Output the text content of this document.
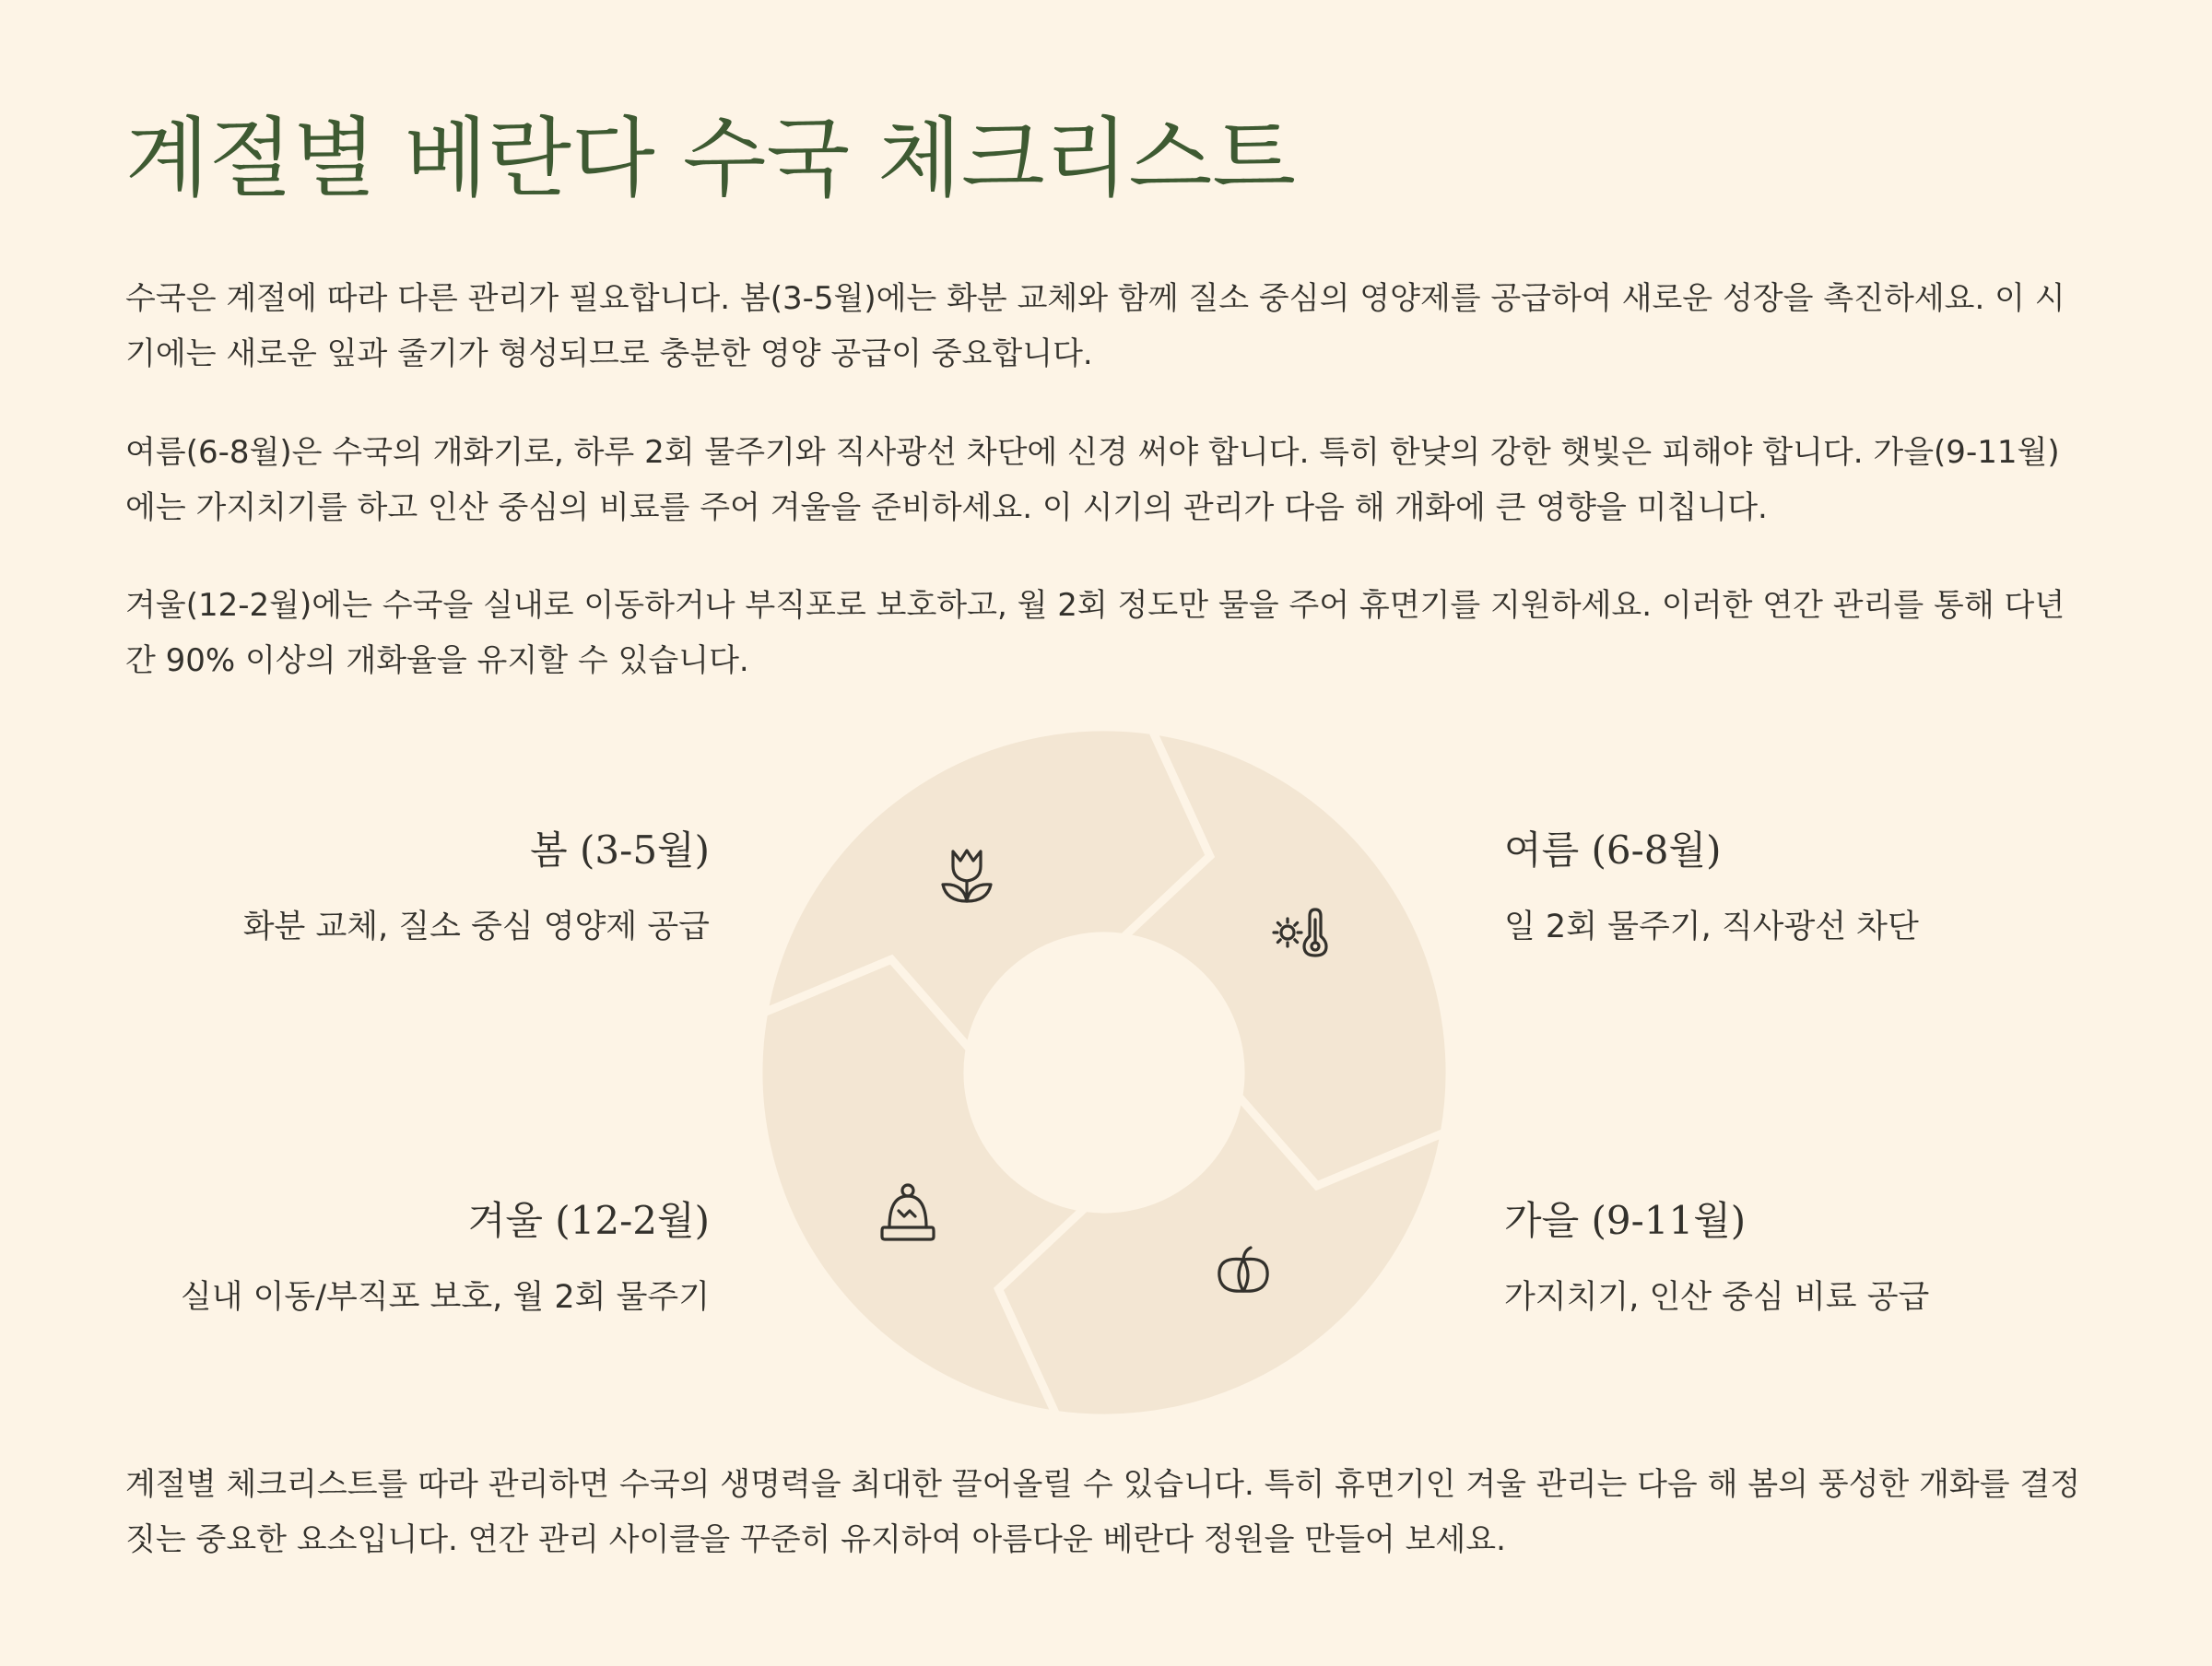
계절별 베란다 수국 체크리스트

수국은 계절에 따라 다른 관리가 필요합니다. 봄(3-5월)에는 화분 교체와 함께 질소 중심의 영양제를 공급하여 새로운 성장을 촉진하세요. 이 시기에는 새로운 잎과 줄기가 형성되므로 충분한 영양 공급이 중요합니다.

여름(6-8월)은 수국의 개화기로, 하루 2회 물주기와 직사광선 차단에 신경 써야 합니다. 특히 한낮의 강한 햇빛은 피해야 합니다. 가을(9-11월)에는 가지치기를 하고 인산 중심의 비료를 주어 겨울을 준비하세요. 이 시기의 관리가 다음 해 개화에 큰 영향을 미칩니다.

겨울(12-2월)에는 수국을 실내로 이동하거나 부직포로 보호하고, 월 2회 정도만 물을 주어 휴면기를 지원하세요. 이러한 연간 관리를 통해 다년간 90% 이상의 개화율을 유지할 수 있습니다.

봄 (3-5월)
화분 교체, 질소 중심 영양제 공급
여름 (6-8월)
일 2회 물주기, 직사광선 차단
가을 (9-11월)
가지치기, 인산 중심 비료 공급
겨울 (12-2월)
실내 이동/부직포 보호, 월 2회 물주기

계절별 체크리스트를 따라 관리하면 수국의 생명력을 최대한 끌어올릴 수 있습니다. 특히 휴면기인 겨울 관리는 다음 해 봄의 풍성한 개화를 결정짓는 중요한 요소입니다. 연간 관리 사이클을 꾸준히 유지하여 아름다운 베란다 정원을 만들어 보세요.
